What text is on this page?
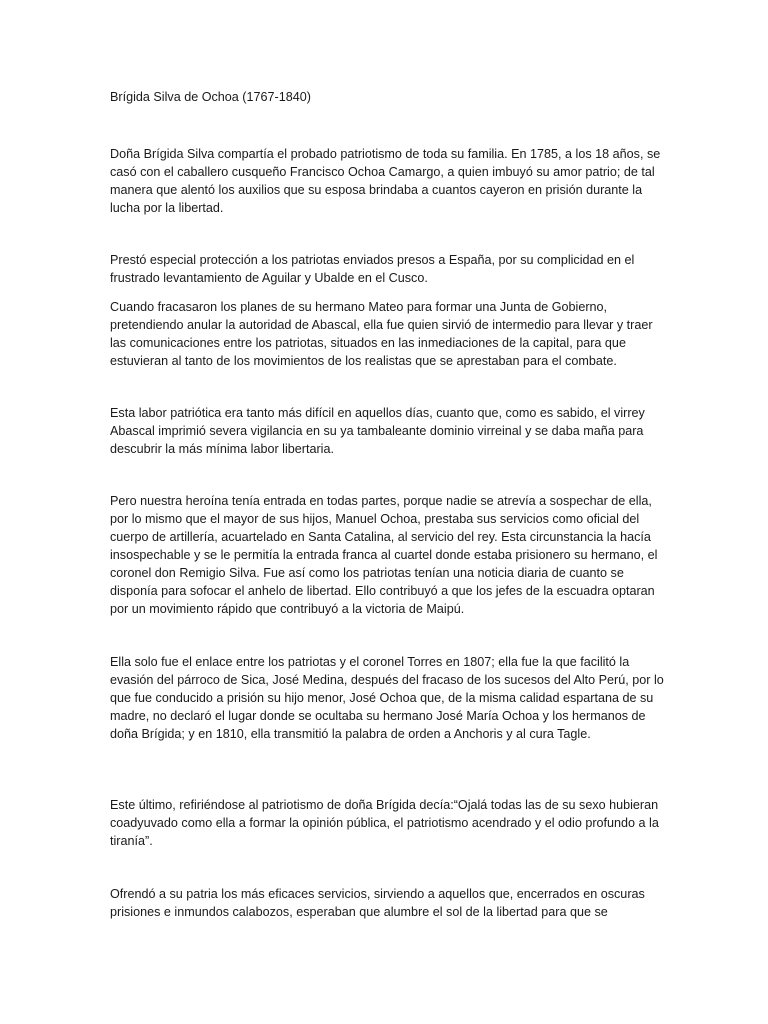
Brígida Silva de Ochoa (1767-1840)

Doña Brígida Silva compartía el probado patriotismo de toda su familia. En 1785, a los 18 años, se casó con el caballero cusqueño Francisco Ochoa Camargo, a quien imbuyó su amor patrio; de tal manera que alentó los auxilios que su esposa brindaba a cuantos cayeron en prisión durante la lucha por la libertad.

Prestó especial protección a los patriotas enviados presos a España, por su complicidad en el frustrado levantamiento de Aguilar y Ubalde en el Cusco.

Cuando fracasaron los planes de su hermano Mateo para formar una Junta de Gobierno, pretendiendo anular la autoridad de Abascal, ella fue quien sirvió de intermedio para llevar y traer las comunicaciones entre los patriotas, situados en las inmediaciones de la capital, para que estuvieran al tanto de los movimientos de los realistas que se aprestaban para el combate.

Esta labor patriótica era tanto más difícil en aquellos días, cuanto que, como es sabido, el virrey Abascal imprimió severa vigilancia en su ya tambaleante dominio virreinal y se daba maña para descubrir la más mínima labor libertaria.

Pero nuestra heroína tenía entrada en todas partes, porque nadie se atrevía a sospechar de ella, por lo mismo que el mayor de sus hijos, Manuel Ochoa, prestaba sus servicios como oficial del cuerpo de artillería, acuartelado en Santa Catalina, al servicio del rey. Esta circunstancia la hacía insospechable y se le permitía la entrada franca al cuartel donde estaba prisionero su hermano, el coronel don Remigio Silva. Fue así como los patriotas tenían una noticia diaria de cuanto se disponía para sofocar el anhelo de libertad. Ello contribuyó a que los jefes de la escuadra optaran por un movimiento rápido que contribuyó a la victoria de Maipú.

Ella solo fue el enlace entre los patriotas y el coronel Torres en 1807; ella fue la que facilitó la evasión del párroco de Sica, José Medina, después del fracaso de los sucesos del Alto Perú, por lo que fue conducido a prisión su hijo menor, José Ochoa que, de la misma calidad espartana de su madre, no declaró el lugar donde se ocultaba su hermano José María Ochoa y los hermanos de doña Brígida; y en 1810, ella transmitió la palabra de orden a Anchoris y al cura Tagle.

Este último, refiriéndose al patriotismo de doña Brígida decía:“Ojalá todas las de su sexo hubieran coadyuvado como ella a formar la opinión pública, el patriotismo acendrado y el odio profundo a la tiranía”.

Ofrendó a su patria los más eficaces servicios, sirviendo a aquellos que, encerrados en oscuras prisiones e inmundos calabozos, esperaban que alumbre el sol de la libertad para que se
